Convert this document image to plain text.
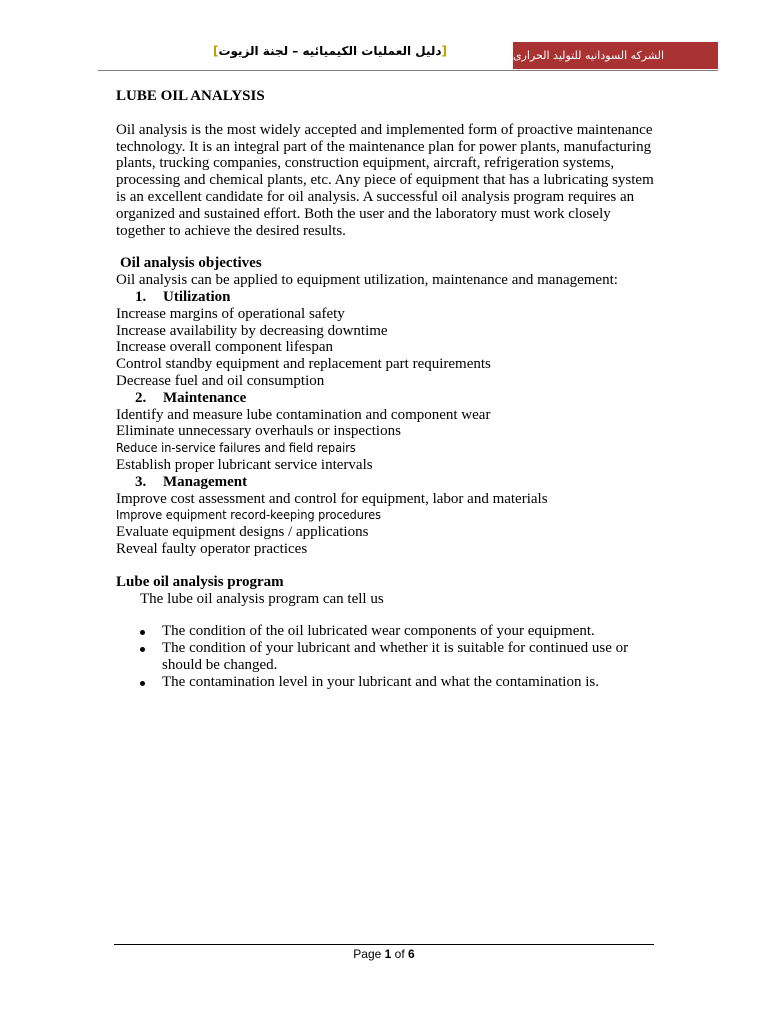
[دليل العمليات الكيميائيه – لجنة الزيوت]	الشركه السودانيه للتوليد الحرارى
LUBE OIL ANALYSIS
Oil analysis is the most widely accepted and implemented form of proactive maintenance technology. It is an integral part of the maintenance plan for power plants, manufacturing plants, trucking companies, construction equipment, aircraft, refrigeration systems, processing and chemical plants, etc. Any piece of equipment that has a lubricating system is an excellent candidate for oil analysis. A successful oil analysis program requires an organized and sustained effort. Both the user and the laboratory must work closely together to achieve the desired results.
Oil analysis objectives
Oil analysis can be applied to equipment utilization, maintenance and management:
1. Utilization
Increase margins of operational safety
Increase availability by decreasing downtime
Increase overall component lifespan
Control standby equipment and replacement part requirements
Decrease fuel and oil consumption
2. Maintenance
Identify and measure lube contamination and component wear
Eliminate unnecessary overhauls or inspections
Reduce in-service failures and field repairs
Establish proper lubricant service intervals
3. Management
Improve cost assessment and control for equipment, labor and materials
Improve equipment record-keeping procedures
Evaluate equipment designs / applications
Reveal faulty operator practices
Lube oil analysis program
The lube oil analysis program can tell us
The condition of the oil lubricated wear components of your equipment.
The condition of your lubricant and whether it is suitable for continued use or should be changed.
The contamination level in your lubricant and what the contamination is.
Page 1 of 6
